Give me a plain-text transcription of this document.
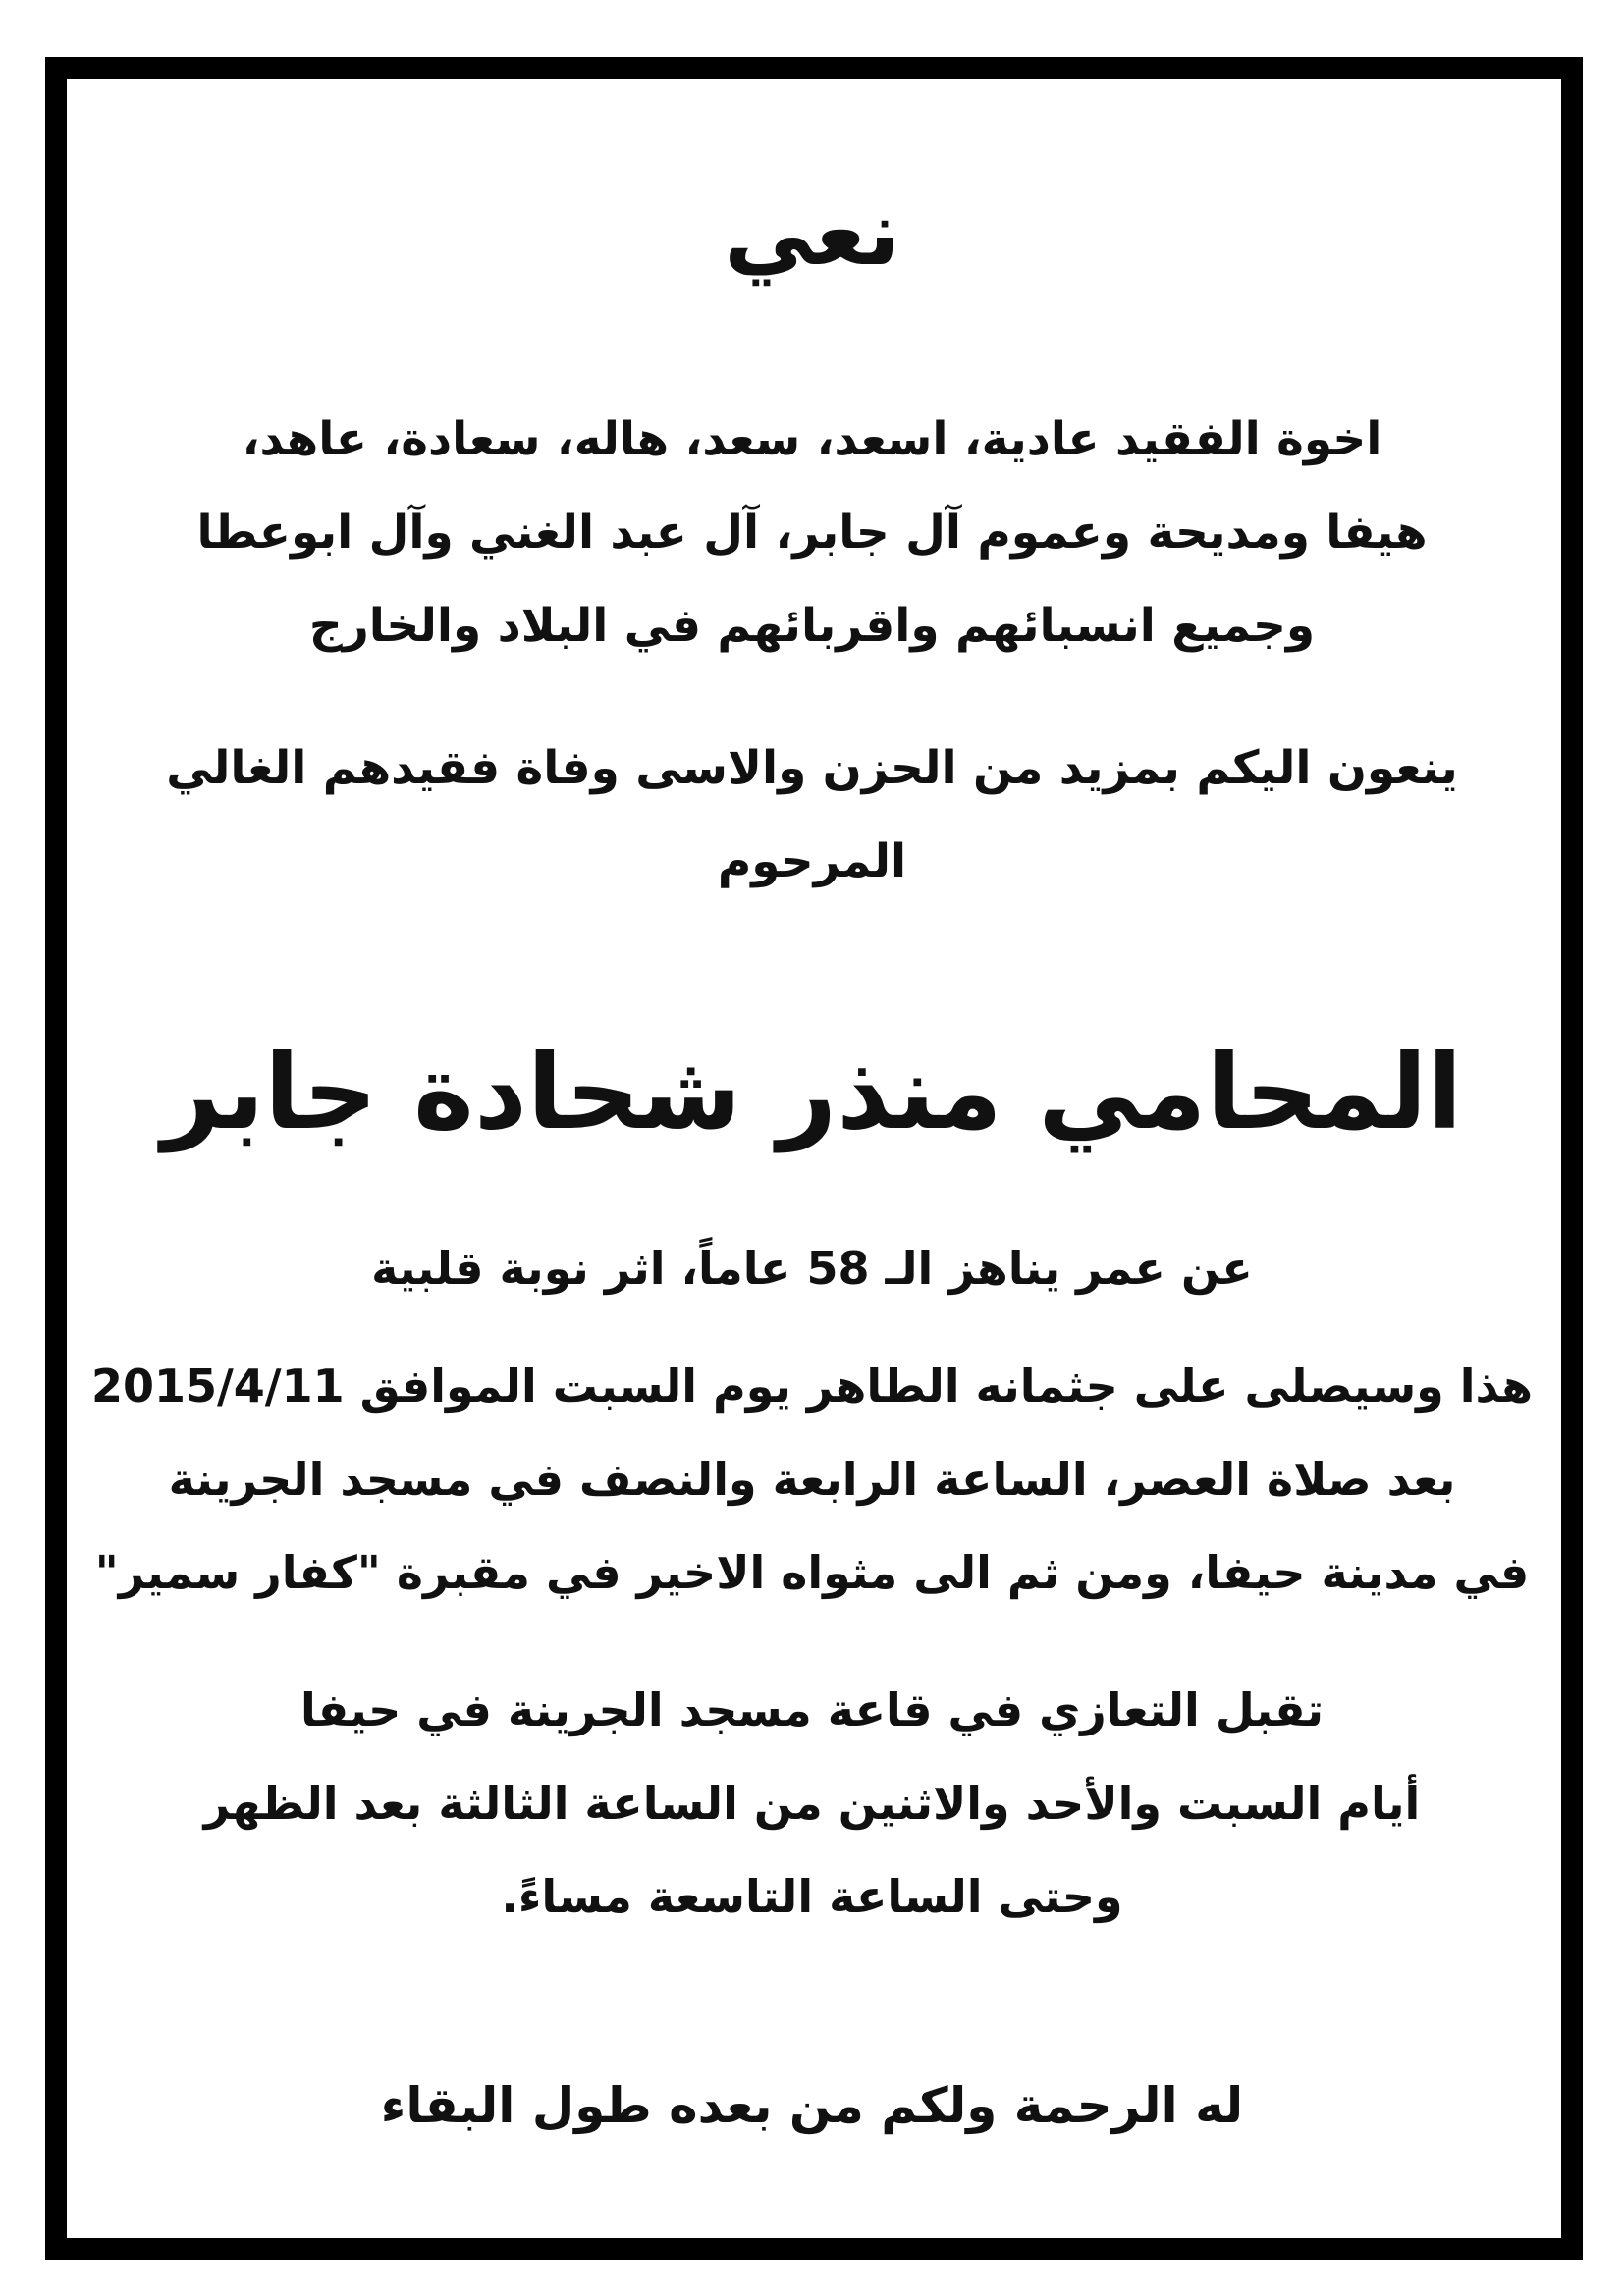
نعي
اخوة الفقيد عادية، اسعد، سعد، هاله، سعادة، عاهد،
هيفا ومديحة وعموم آل جابر، آل عبد الغني وآل ابوعطا
وجميع انسبائهم واقربائهم في البلاد والخارج
ينعون اليكم بمزيد من الحزن والاسى وفاة فقيدهم الغالي
المرحوم
المحامي منذر شحادة جابر
عن عمر يناهز الـ 58 عاماً، اثر نوبة قلبية
هذا وسيصلى على جثمانه الطاهر يوم السبت الموافق 2015/4/11
بعد صلاة العصر، الساعة الرابعة والنصف في مسجد الجرينة
في مدينة حيفا، ومن ثم الى مثواه الاخير في مقبرة "كفار سمير"
تقبل التعازي في قاعة مسجد الجرينة في حيفا
أيام السبت والأحد والاثنين من الساعة الثالثة بعد الظهر
وحتى الساعة التاسعة مساءً.
له الرحمة ولكم من بعده طول البقاء
